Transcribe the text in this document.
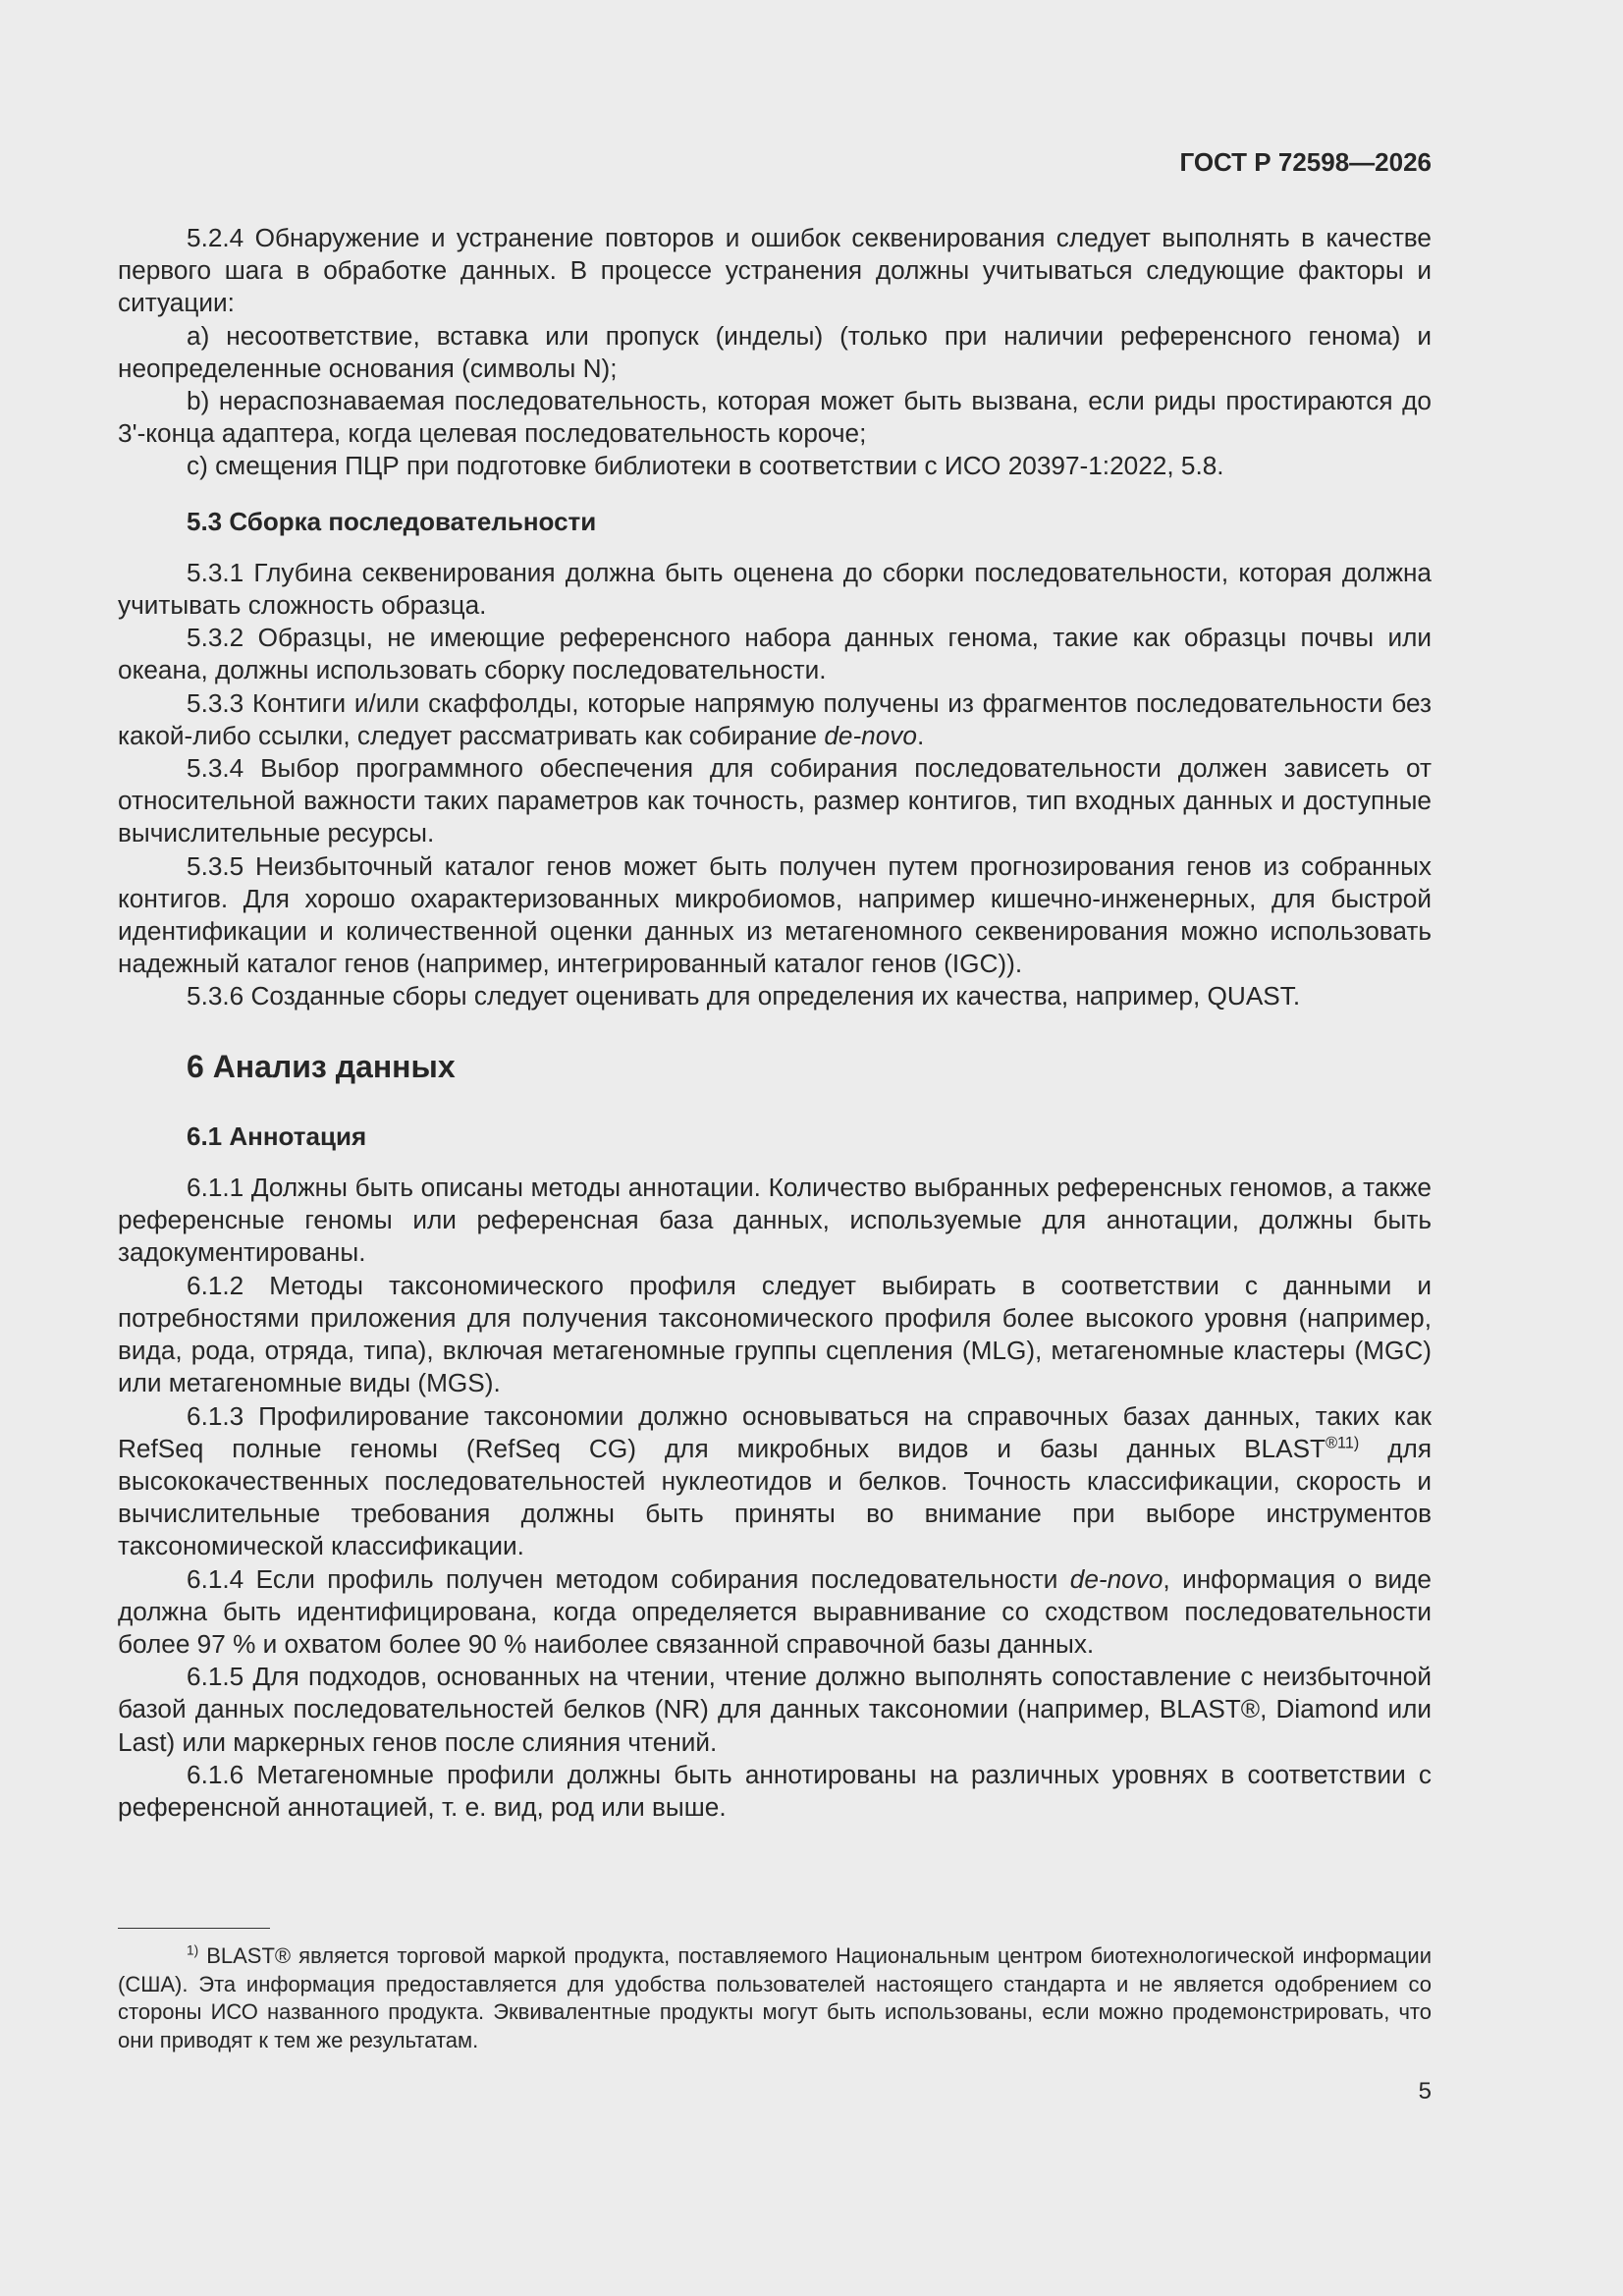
ГОСТ Р 72598—2026

5.2.4 Обнаружение и устранение повторов и ошибок секвенирования следует выполнять в качестве первого шага в обработке данных. В процессе устранения должны учитываться следующие факторы и ситуации:

a) несоответствие, вставка или пропуск (инделы) (только при наличии референсного генома) и неопределенные основания (символы N);

b) нераспознаваемая последовательность, которая может быть вызвана, если риды простираются до 3'-конца адаптера, когда целевая последовательность короче;

c) смещения ПЦР при подготовке библиотеки в соответствии с ИСО 20397-1:2022, 5.8.

5.3 Сборка последовательности

5.3.1 Глубина секвенирования должна быть оценена до сборки последовательности, которая должна учитывать сложность образца.

5.3.2 Образцы, не имеющие референсного набора данных генома, такие как образцы почвы или океана, должны использовать сборку последовательности.

5.3.3 Контиги и/или скаффолды, которые напрямую получены из фрагментов последовательности без какой-либо ссылки, следует рассматривать как собирание de-novo.

5.3.4 Выбор программного обеспечения для собирания последовательности должен зависеть от относительной важности таких параметров как точность, размер контигов, тип входных данных и доступные вычислительные ресурсы.

5.3.5 Неизбыточный каталог генов может быть получен путем прогнозирования генов из собранных контигов. Для хорошо охарактеризованных микробиомов, например кишечно-инженерных, для быстрой идентификации и количественной оценки данных из метагеномного секвенирования можно использовать надежный каталог генов (например, интегрированный каталог генов (IGC)).

5.3.6 Созданные сборы следует оценивать для определения их качества, например, QUAST.

6 Анализ данных
6.1 Аннотация

6.1.1 Должны быть описаны методы аннотации. Количество выбранных референсных геномов, а также референсные геномы или референсная база данных, используемые для аннотации, должны быть задокументированы.

6.1.2 Методы таксономического профиля следует выбирать в соответствии с данными и потребностями приложения для получения таксономического профиля более высокого уровня (например, вида, рода, отряда, типа), включая метагеномные группы сцепления (MLG), метагеномные кластеры (MGC) или метагеномные виды (MGS).

6.1.3 Профилирование таксономии должно основываться на справочных базах данных, таких как RefSeq полные геномы (RefSeq CG) для микробных видов и базы данных $BLAST^{®11)}$ для высококачественных последовательностей нуклеотидов и белков. Точность классификации, скорость и вычислительные требования должны быть приняты во внимание при выборе инструментов таксономической классификации.

6.1.4 Если профиль получен методом собирания последовательности de-novo, информация о виде должна быть идентифицирована, когда определяется выравнивание со сходством последовательности более 97 % и охватом более 90 % наиболее связанной справочной базы данных.

6.1.5 Для подходов, основанных на чтении, чтение должно выполнять сопоставление с неизбыточной базой данных последовательностей белков (NR) для данных таксономии (например, BLAST®, Diamond или Last) или маркерных генов после слияния чтений.

6.1.6 Метагеномные профили должны быть аннотированы на различных уровнях в соответствии с референсной аннотацией, т. е. вид, род или выше.

$^{1)}$ BLAST® является торговой маркой продукта, поставляемого Национальным центром биотехнологической информации (США). Эта информация предоставляется для удобства пользователей настоящего стандарта и не является одобрением со стороны ИСО названного продукта. Эквивалентные продукты могут быть использованы, если можно продемонстрировать, что они приводят к тем же результатам.

5
